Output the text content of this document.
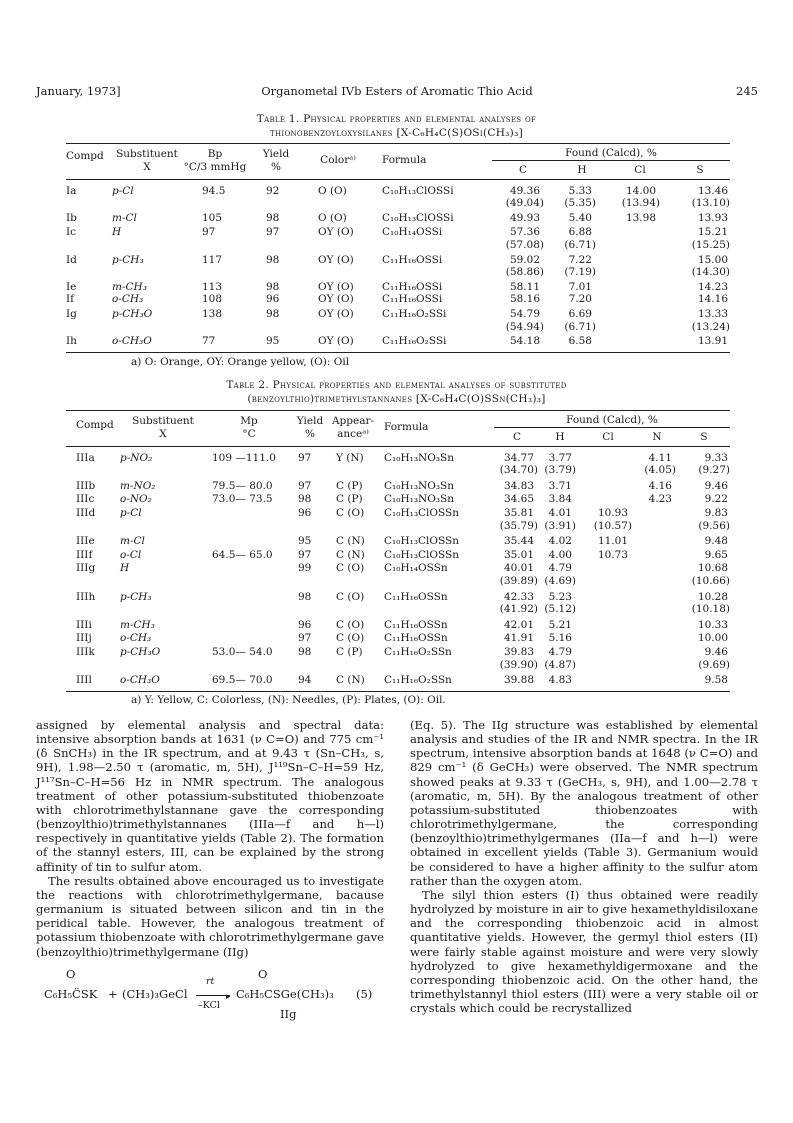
January, 1973]	Organometal IVb Esters of Aromatic Thio Acid	245
Table 1. Physical properties and elemental analyses of
thionobenzoyloxysilanes [X-C₆H₄C(S)OSi(CH₃)₃]
Compd	Substituent	Bp	Yield	Colorᵃ⁾	Formula	Found (Calcd), %			
	X	°C/3 mmHg	%			C	H	Cl	S
Ia	p-Cl	94.5	92	O (O)	C₁₀H₁₃ClOSSi	49.36	5.33	14.00	13.46
						(49.04)	(5.35)	(13.94)	(13.10)
Ib	m-Cl	105	98	O (O)	C₁₀H₁₃ClOSSi	49.93	5.40	13.98	13.93
Ic	H	97	97	OY (O)	C₁₀H₁₄OSSi	57.36	6.88		15.21
						(57.08)	(6.71)		(15.25)
Id	p-CH₃	117	98	OY (O)	C₁₁H₁₆OSSi	59.02	7.22		15.00
						(58.86)	(7.19)		(14.30)
Ie	m-CH₃	113	98	OY (O)	C₁₁H₁₆OSSi	58.11	7.01		14.23
If	o-CH₃	108	96	OY (O)	C₁₁H₁₆OSSi	58.16	7.20		14.16
Ig	p-CH₃O	138	98	OY (O)	C₁₁H₁₆O₂SSi	54.79	6.69		13.33
						(54.94)	(6.71)		(13.24)
Ih	o-CH₃O	77	95	OY (O)	C₁₁H₁₆O₂SSi	54.18	6.58		13.91
a) O: Orange, OY: Orange yellow, (O): Oil
Table 2. Physical properties and elemental analyses of substituted
(benzoylthio)trimethylstannanes [X-C₆H₄C(O)SSn(CH₃)₃]
Compd	Substituent	Mp	Yield	Appear-	Formula	Found (Calcd), %				
	X	°C	%	anceᵃ⁾		C	H	Cl	N	S
IIIa	p-NO₂	109 —111.0	97	Y (N)	C₁₀H₁₃NO₃Sn	34.77	3.77		4.11	9.33
						(34.70)	(3.79)		(4.05)	(9.27)
IIIb	m-NO₂	79.5— 80.0	97	C (P)	C₁₀H₁₃NO₃Sn	34.83	3.71		4.16	9.46
IIIc	o-NO₂	73.0— 73.5	98	C (P)	C₁₀H₁₃NO₃Sn	34.65	3.84		4.23	9.22
IIId	p-Cl		96	C (O)	C₁₀H₁₃ClOSSn	35.81	4.01	10.93		9.83
						(35.79)	(3.91)	(10.57)		(9.56)
IIIe	m-Cl		95	C (N)	C₁₀H₁₃ClOSSn	35.44	4.02	11.01		9.48
IIIf	o-Cl	64.5— 65.0	97	C (N)	C₁₀H₁₃ClOSSn	35.01	4.00	10.73		9.65
IIIg	H		99	C (O)	C₁₀H₁₄OSSn	40.01	4.79			10.68
						(39.89)	(4.69)			(10.66)
IIIh	p-CH₃		98	C (O)	C₁₁H₁₆OSSn	42.33	5.23			10.28
						(41.92)	(5.12)			(10.18)
IIIi	m-CH₃		96	C (O)	C₁₁H₁₆OSSn	42.01	5.21			10.33
IIIj	o-CH₃		97	C (O)	C₁₁H₁₆OSSn	41.91	5.16			10.00
IIIk	p-CH₃O	53.0— 54.0	98	C (P)	C₁₁H₁₆O₂SSn	39.83	4.79			9.46
						(39.90)	(4.87)			(9.69)
IIIl	o-CH₃O	69.5— 70.0	94	C (N)	C₁₁H₁₆O₂SSn	39.88	4.83			9.58
a) Y: Yellow, C: Colorless, (N): Needles, (P): Plates, (O): Oil.

assigned by elemental analysis and spectral data: intensive absorption bands at 1631 (ν C=O) and 775 cm⁻¹ (δ SnCH₃) in the IR spectrum, and at 9.43 τ (Sn–CH₃, s, 9H), 1.98—2.50 τ (aromatic, m, 5H), J¹¹⁹Sn–C–H=59 Hz, J¹¹⁷Sn–C–H=56 Hz in NMR spectrum. The analogous treatment of other potassium-substituted thiobenzoate with chlorotrimethylstannane gave the corresponding (benzoylthio)trimethylstannanes (IIIa—f and h—l) respectively in quantitative yields (Table 2). The formation of the stannyl esters, III, can be explained by the strong affinity of tin to sulfur atom.

The results obtained above encouraged us to investigate the reactions with chlorotrimethylgermane, bacause germanium is situated between silicon and tin in the peridical table. However, the analogous treatment of potassium thiobenzoate with chlorotrimethylgermane gave (benzoylthio)trimethylgermane (IIg)

O	O
C₆H₅C̈SK + (CH₃)₃GeCl
rt
▸
–KCl
C₆H₅CSGe(CH₃)₃ (5)
IIg

(Eq. 5). The IIg structure was established by elemental analysis and studies of the IR and NMR spectra. In the IR spectrum, intensive absorption bands at 1648 (ν C=O) and 829 cm⁻¹ (δ GeCH₃) were observed. The NMR spectrum showed peaks at 9.33 τ (GeCH₃, s, 9H), and 1.00—2.78 τ (aromatic, m, 5H). By the analogous treatment of other potassium-substituted thiobenzoates with chlorotrimethylgermane, the corresponding (benzoylthio)trimethylgermanes (IIa—f and h—l) were obtained in excellent yields (Table 3). Germanium would be considered to have a higher affinity to the sulfur atom rather than the oxygen atom.

The silyl thion esters (I) thus obtained were readily hydrolyzed by moisture in air to give hexamethyldisiloxane and the corresponding thiobenzoic acid in almost quantitative yields. However, the germyl thiol esters (II) were fairly stable against moisture and were very slowly hydrolyzed to give hexamethyldigermoxane and the corresponding thiobenzoic acid. On the other hand, the trimethylstannyl thiol esters (III) were a very stable oil or crystals which could be recrystallized
